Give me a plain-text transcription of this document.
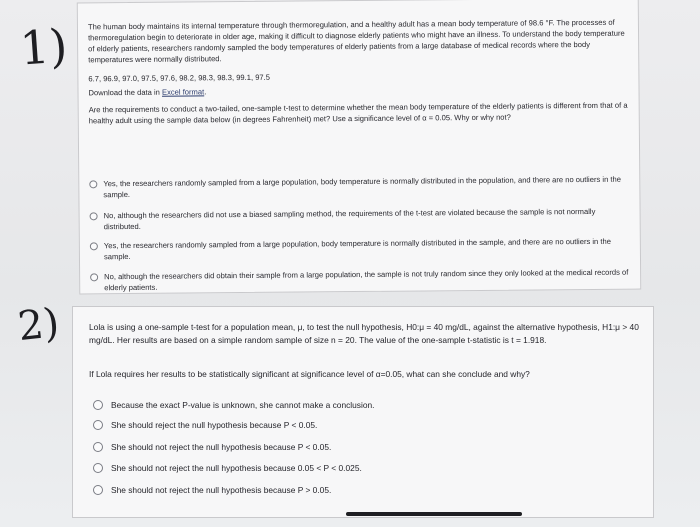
1) The human body maintains its internal temperature through thermoregulation, and a healthy adult has a mean body temperature of 98.6 °F. The processes of thermoregulation begin to deteriorate in older age, making it difficult to diagnose elderly patients who might have an illness. To understand the body temperature of elderly patients, researchers randomly sampled the body temperatures of elderly patients from a large database of medical records where the body temperatures were normally distributed.
6.7, 96.9, 97.0, 97.5, 97.6, 98.2, 98.3, 98.3, 99.1, 97.5
Download the data in Excel format.
Are the requirements to conduct a two-tailed, one-sample t-test to determine whether the mean body temperature of the elderly patients is different from that of a healthy adult using the sample data below (in degrees Fahrenheit) met? Use a significance level of α = 0.05. Why or why not?
Yes, the researchers randomly sampled from a large population, body temperature is normally distributed in the population, and there are no outliers in the sample.
No, although the researchers did not use a biased sampling method, the requirements of the t-test are violated because the sample is not normally distributed.
Yes, the researchers randomly sampled from a large population, body temperature is normally distributed in the sample, and there are no outliers in the sample.
No, although the researchers did obtain their sample from a large population, the sample is not truly random since they only looked at the medical records of elderly patients.
2)	Lola is using a one-sample t-test for a population mean, μ, to test the null hypothesis, H0:μ = 40 mg/dL, against the alternative hypothesis, H1:μ > 40 mg/dL. Her results are based on a simple random sample of size n = 20. The value of the one-sample t-statistic is t = 1.918.
If Lola requires her results to be statistically significant at significance level of α=0.05, what can she conclude and why?
Because the exact P-value is unknown, she cannot make a conclusion.
She should reject the null hypothesis because P < 0.05.
She should not reject the null hypothesis because P < 0.05.
She should not reject the null hypothesis because 0.05 < P < 0.025.
She should not reject the null hypothesis because P > 0.05.
